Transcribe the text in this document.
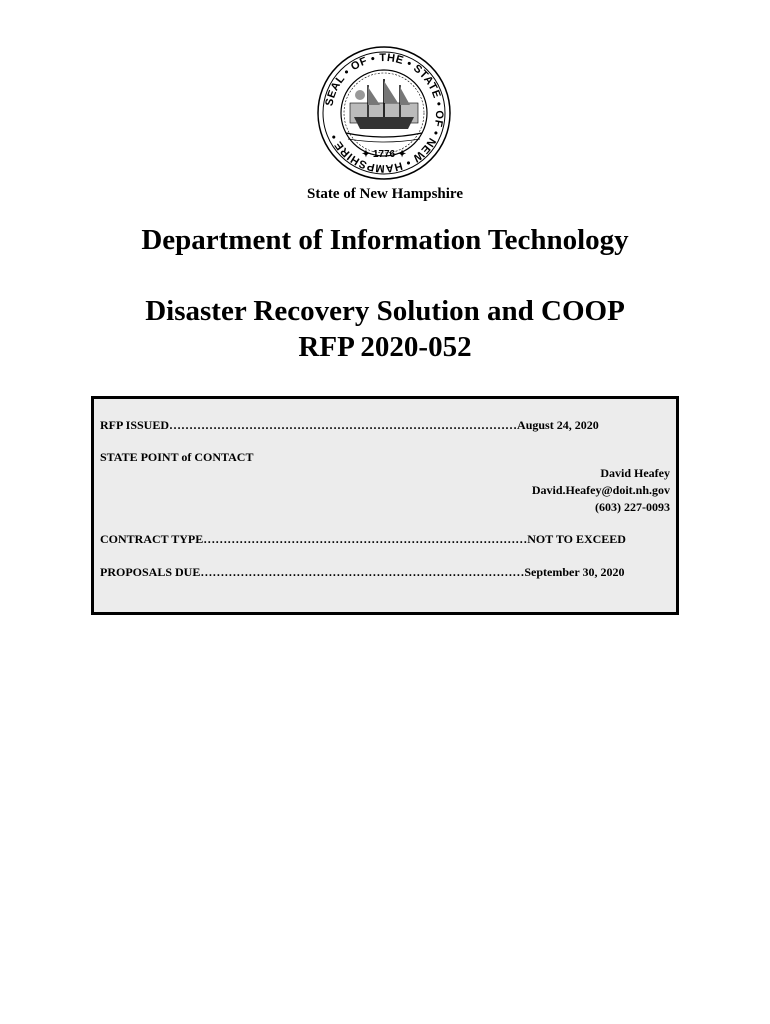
SEAL • OF • THE • STATE • OF • NEW • HAMPSHIRE •
✦ 1776 ✦
State of New Hampshire
Department of Information Technology
Disaster Recovery Solution and COOP
RFP 2020-052
RFP ISSUED……………………………………………………………………………August 24, 2020
STATE POINT of CONTACT
David Heafey
David.Heafey@doit.nh.gov
(603) 227-0093
CONTRACT TYPE………………………………………………………………………NOT TO EXCEED
PROPOSALS DUE………………………………………………………………………September 30, 2020
